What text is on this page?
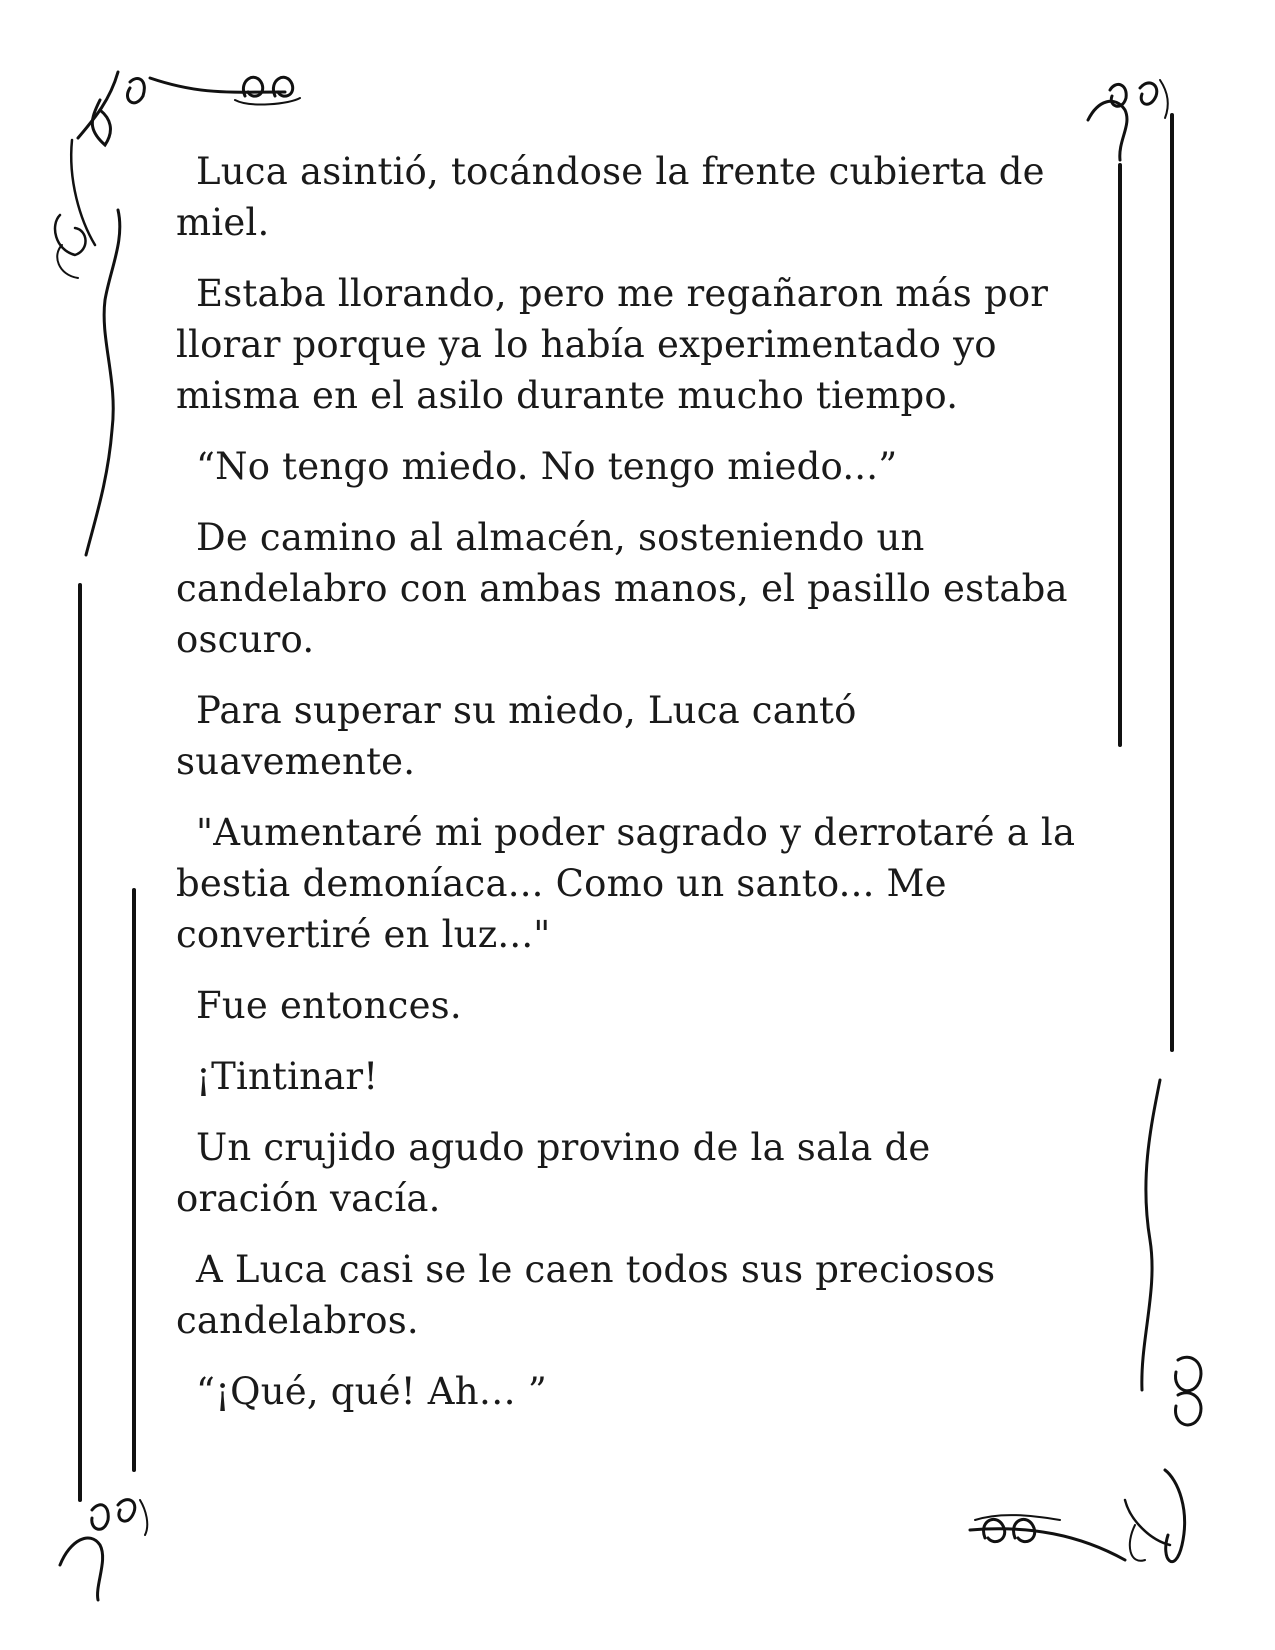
Luca asintió, tocándose la frente cubierta de miel.

Estaba llorando, pero me regañaron más por llorar porque ya lo había experimentado yo misma en el asilo durante mucho tiempo.

“No tengo miedo. No tengo miedo...”

De camino al almacén, sosteniendo un candelabro con ambas manos, el pasillo estaba oscuro.

Para superar su miedo, Luca cantó suavemente.

"Aumentaré mi poder sagrado y derrotaré a la bestia demoníaca... Como un santo... Me convertiré en luz..."

Fue entonces.

¡Tintinar!

Un crujido agudo provino de la sala de oración vacía.

A Luca casi se le caen todos sus preciosos candelabros.

“¡Qué, qué! Ah… ”
